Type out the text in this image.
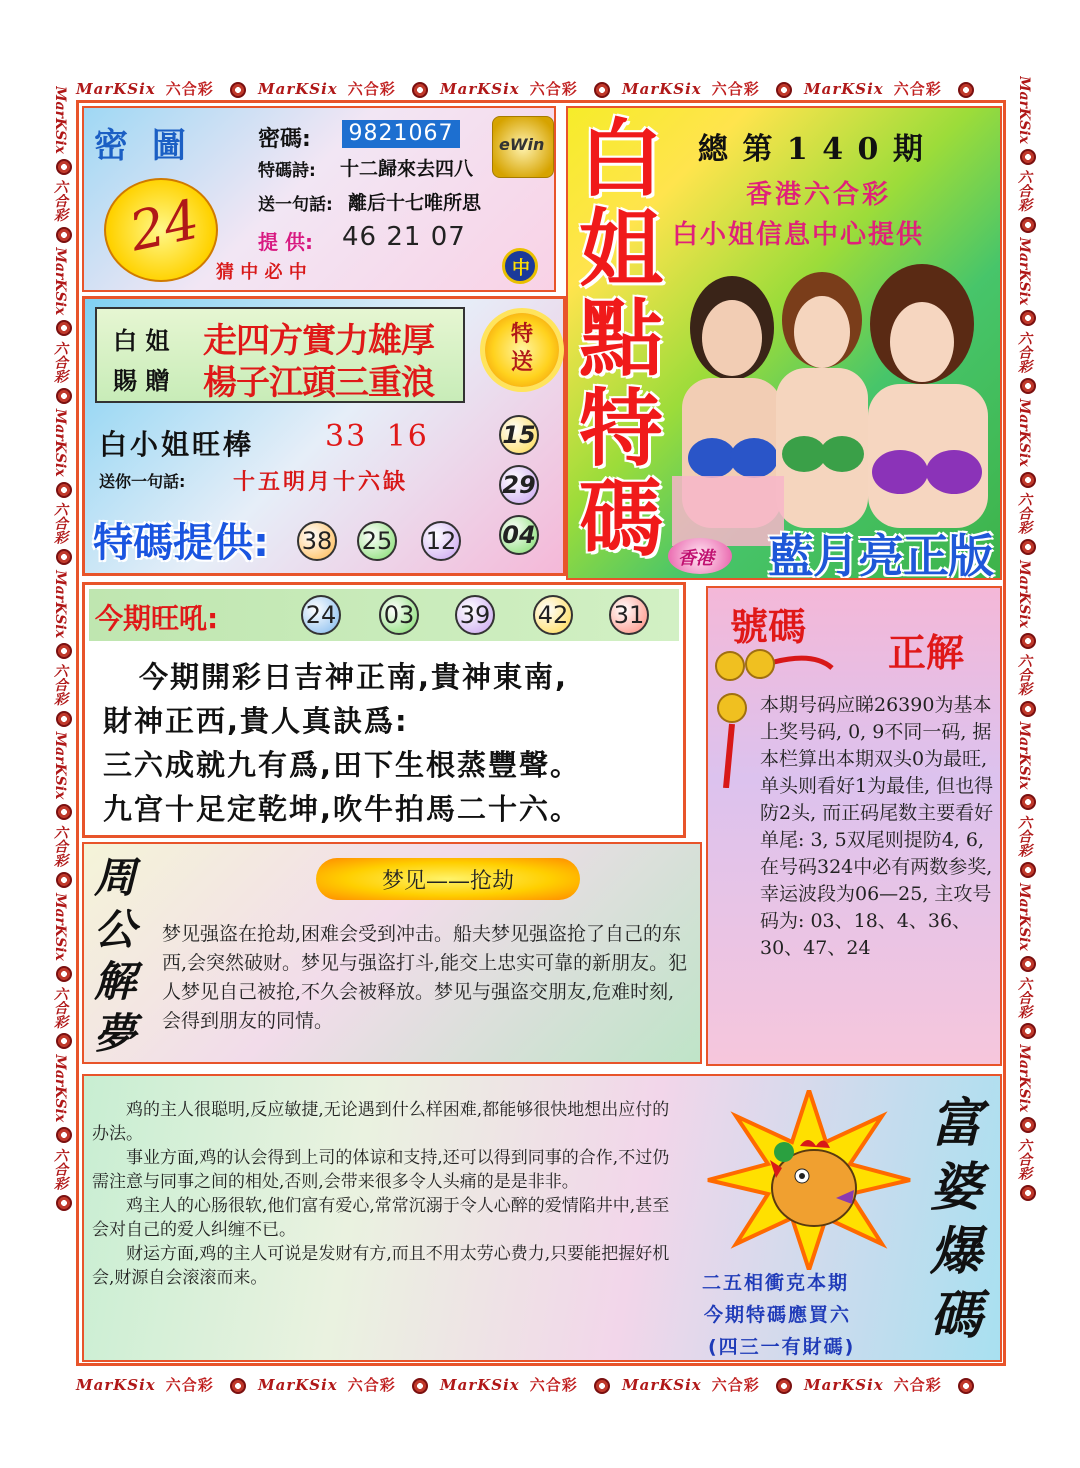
MarKSix 六合彩	MarKSix 六合彩	MarKSix 六合彩	MarKSix 六合彩	MarKSix 六合彩
MarKSix 六合彩	MarKSix 六合彩	MarKSix 六合彩	MarKSix 六合彩	MarKSix 六合彩
MarKSix  六合彩  MarKSix  六合彩  MarKSix  六合彩  MarKSix  六合彩  MarKSix  六合彩  MarKSix  六合彩  MarKSix  六合彩
MarKSix  六合彩  MarKSix  六合彩  MarKSix  六合彩  MarKSix  六合彩  MarKSix  六合彩  MarKSix  六合彩  MarKSix  六合彩
密 圖
24
猜 中 必 中
密碼: 9821067
特碼詩: 十二歸來去四八
送一句話: 離后十七唯所思
提 供: 46 21 07
eWin
中
白
姐
點
特
碼
總 第 1 4 0 期
香港六合彩
白小姐信息中心提供
香港 藍月亮正版
白 姐
賜 贈
走四方實力雄厚
楊子江頭三重浪
特送
白小姐旺棒 33 16
送你一句話: 十五明月十六缺
特碼提供: 38 25 12
15
29
04
今期旺吼:	24 03 39 42 31
今期開彩日吉神正南,貴神東南,
財神正西,貴人真訣爲:
三六成就九有爲,田下生根蒸豐聲。
九宫十足定乾坤,吹牛拍馬二十六。
號碼
正解
本期号码应睇26390为基本上奖号码, 0, 9不同一码, 据本栏算出本期双头0为最旺, 单头则看好1为最佳, 但也得防2头, 而正码尾数主要看好单尾: 3, 5双尾则提防4, 6, 在号码324中必有两数参奖, 幸运波段为06—25, 主攻号码为: 03、18、4、36、30、47、24
周
公
解
夢
梦见——抢劫
梦见强盗在抢劫,困难会受到冲击。船夫梦见强盗抢了自己的东西,会突然破财。梦见与强盗打斗,能交上忠实可靠的新朋友。犯人梦见自己被抢,不久会被释放。梦见与强盗交朋友,危难时刻,会得到朋友的同情。
鸡的主人很聪明,反应敏捷,无论遇到什么样困难,都能够很快地想出应付的办法。
事业方面,鸡的认会得到上司的体谅和支持,还可以得到同事的合作,不过仍需注意与同事之间的相处,否则,会带来很多令人头痛的是是非非。
鸡主人的心肠很软,他们富有爱心,常常沉溺于令人心醉的爱情陷井中,甚至会对自己的爱人纠缠不已。
财运方面,鸡的主人可说是发财有方,而且不用太劳心费力,只要能把握好机会,财源自会滚滚而来。	二五相衝克本期
今期特碼應買六
(四三一有財碼)
富
婆
爆
碼
